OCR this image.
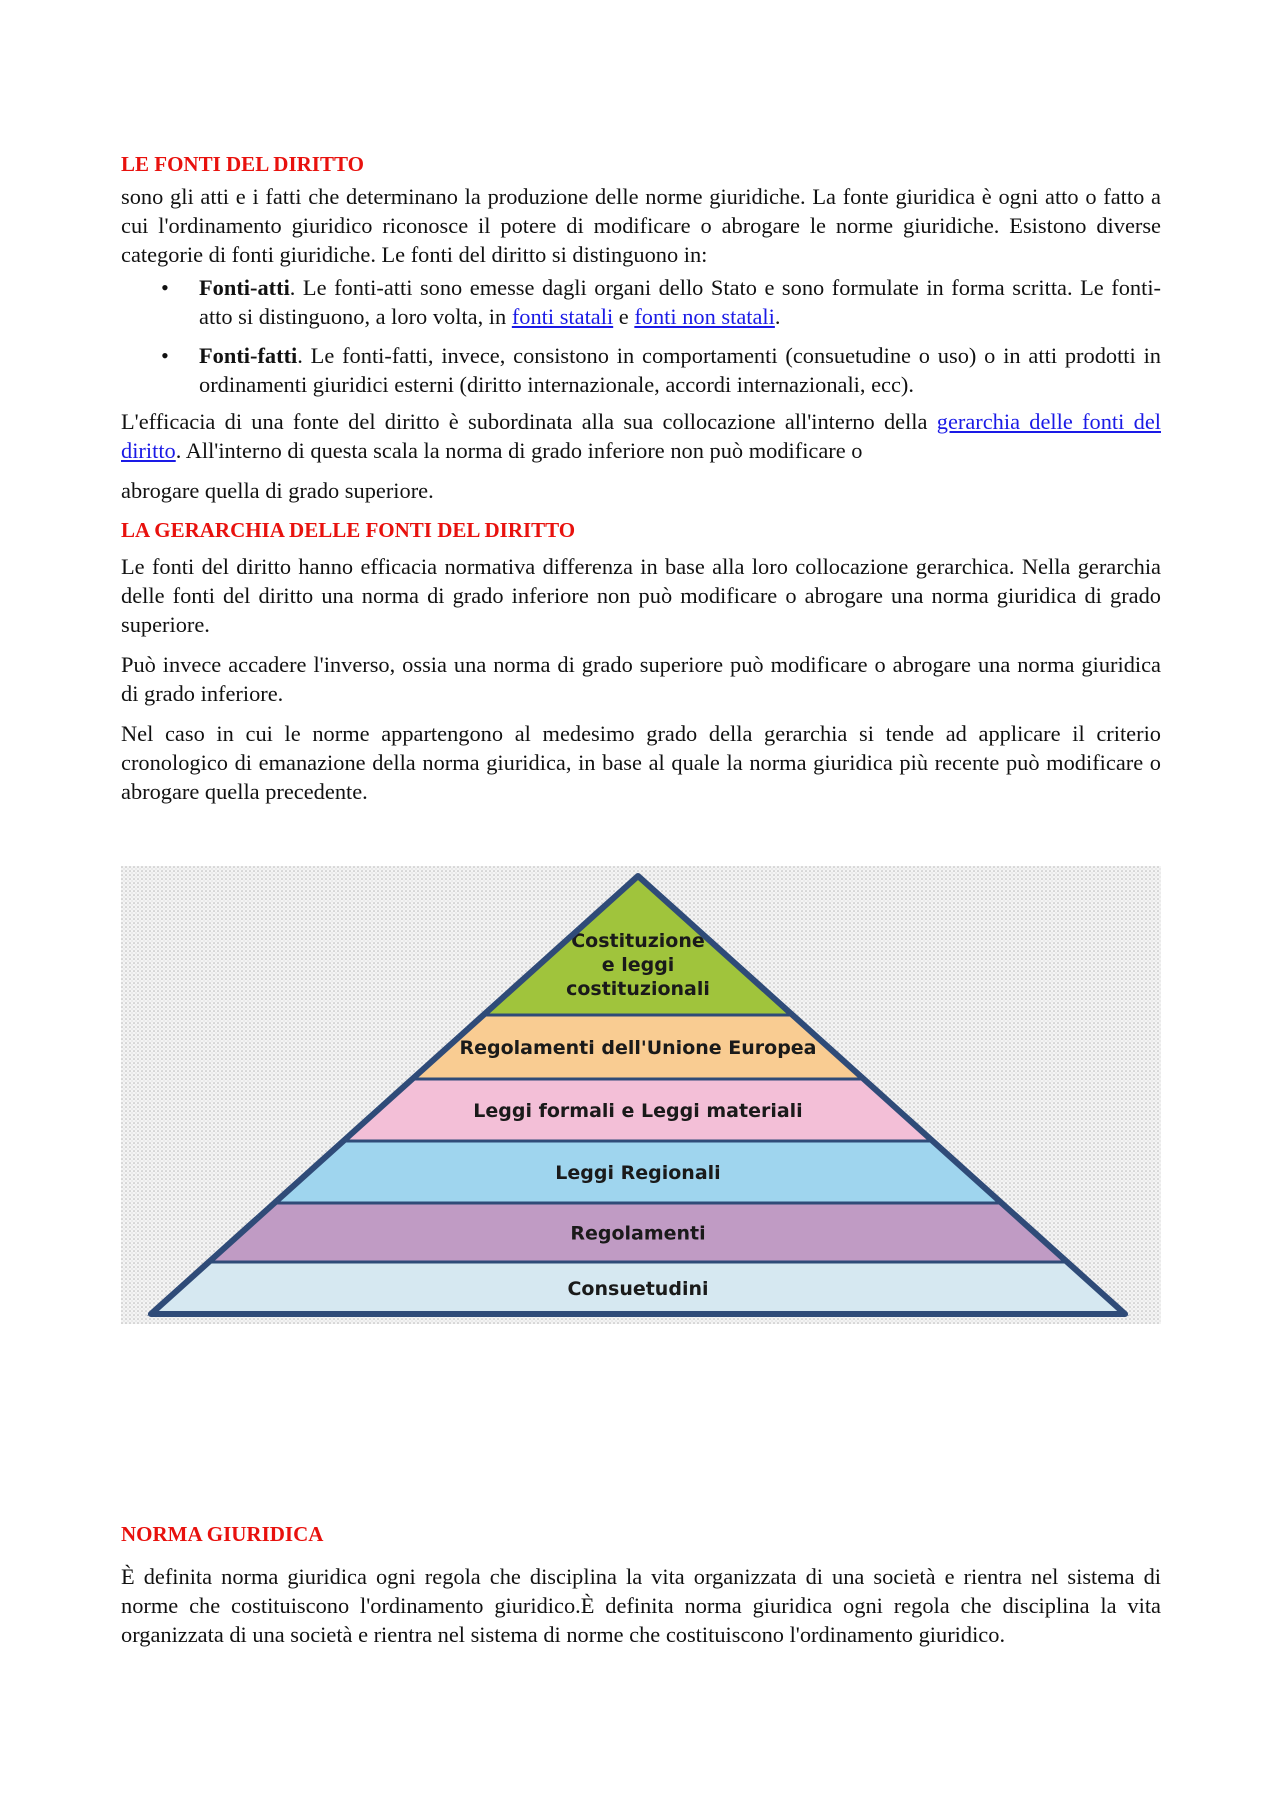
LE FONTI DEL DIRITTO

sono gli atti e i fatti che determinano la produzione delle norme giuridiche. La fonte giuridica è ogni atto o fatto a cui l'ordinamento giuridico riconosce il potere di modificare o abrogare le norme giuridiche. Esistono diverse categorie di fonti giuridiche. Le fonti del diritto si distinguono in:

• Fonti-atti. Le fonti-atti sono emesse dagli organi dello Stato e sono formulate in forma scritta. Le fonti-atto si distinguono, a loro volta, in fonti statali e fonti non statali.
• Fonti-fatti. Le fonti-fatti, invece, consistono in comportamenti (consuetudine o uso) o in atti prodotti in ordinamenti giuridici esterni (diritto internazionale, accordi internazionali, ecc).

L'efficacia di una fonte del diritto è subordinata alla sua collocazione all'interno della gerarchia delle fonti del diritto. All'interno di questa scala la norma di grado inferiore non può modificare o

abrogare quella di grado superiore.

LA GERARCHIA DELLE FONTI DEL DIRITTO

Le fonti del diritto hanno efficacia normativa differenza in base alla loro collocazione gerarchica. Nella gerarchia delle fonti del diritto una norma di grado inferiore non può modificare o abrogare una norma giuridica di grado superiore.

Può invece accadere l'inverso, ossia una norma di grado superiore può modificare o abrogare una norma giuridica di grado inferiore.

Nel caso in cui le norme appartengono al medesimo grado della gerarchia si tende ad applicare il criterio cronologico di emanazione della norma giuridica, in base al quale la norma giuridica più recente può modificare o abrogare quella precedente.

Costituzione
e leggi
costituzionali
Regolamenti dell'Unione Europea
Leggi formali e Leggi materiali
Leggi Regionali
Regolamenti
Consuetudini
NORMA GIURIDICA

È definita norma giuridica ogni regola che disciplina la vita organizzata di una società e rientra nel sistema di norme che costituiscono l'ordinamento giuridico.È definita norma giuridica ogni regola che disciplina la vita organizzata di una società e rientra nel sistema di norme che costituiscono l'ordinamento giuridico.
